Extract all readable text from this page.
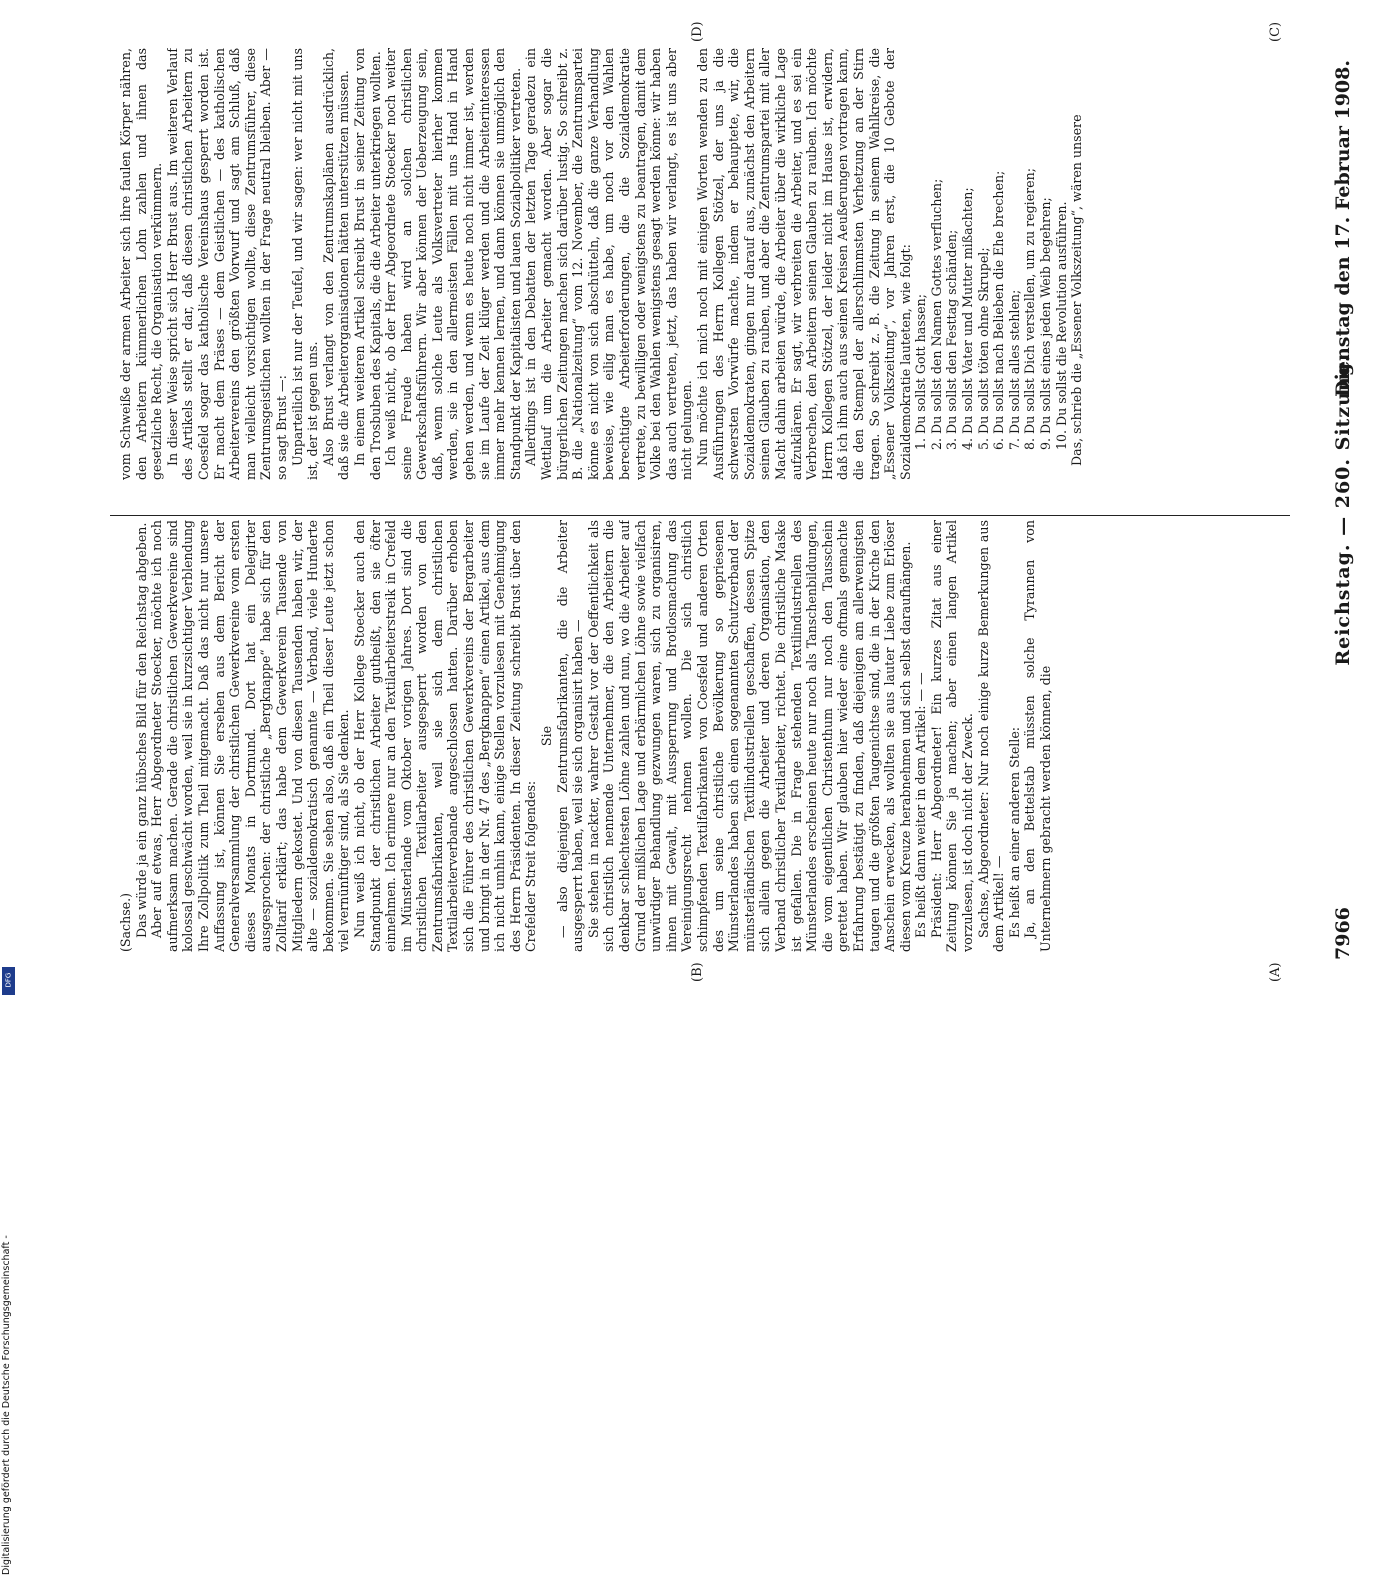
7966
Reichstag. — 260. Sitzung.
Dienstag den 17. Februar 1908.
(A)
(B)
(C)
(D)

(Sachse.) Das würde ja ein ganz hübsches Bild für den Reichstag abgeben. Aber auf etwas, Herr Abgeordneter Stoecker, möchte ich noch aufmerksam machen. Gerade die christlichen Gewerkvereine sind kolossal geschwächt worden, weil sie in kurzsichtiger Verblendung Ihre Zollpolitik zum Theil mitgemacht. Daß das nicht nur unsere Auffassung ist, können Sie ersehen aus dem Bericht der Generalversammlung der christlichen Gewerkvereine vom ersten dieses Monats in Dortmund. Dort hat ein Delegirter ausgesprochen: der christliche „Bergknappe“ habe sich für den Zolltarif erklärt; das habe dem Gewerkverein Tausende von Mitgliedern gekostet. Und von diesen Tausenden haben wir, der alte — sozialdemokratisch genannte — Verband, viele Hunderte bekommen. Sie sehen also, daß ein Theil dieser Leute jetzt schon viel vernünftiger sind, als Sie denken. Nun weiß ich nicht, ob der Herr Kollege Stoecker auch den Standpunkt der christlichen Arbeiter gutheißt, den sie öfter einnehmen. Ich erinnere nur an den Textilarbeiterstreik in Crefeld im Münsterlande vom Oktober vorigen Jahres. Dort sind die christlichen Textilarbeiter ausgesperrt worden von den Zentrumsfabrikanten, weil sie sich dem christlichen Textilarbeiterverbande angeschlossen hatten. Darüber erhoben sich die Führer des christlichen Gewerkvereins der Bergarbeiter und bringt in der Nr. 47 des „Bergknappen“ einen Artikel, aus dem ich nicht umhin kann, einige Stellen vorzulesen mit Genehmigung des Herrn Präsidenten. In dieser Zeitung schreibt Brust über den Crefelder Streit folgendes:

Sie — also diejenigen Zentrumsfabrikanten, die die Arbeiter ausgesperrt haben, weil sie sich organisirt haben — Sie stehen in nackter, wahrer Gestalt vor der Oeffentlichkeit als sich christlich nennende Unternehmer, die den Arbeitern die denkbar schlechtesten Löhne zahlen und nun, wo die Arbeiter auf Grund der mißlichen Lage und erbärmlichen Löhne sowie vielfach unwürdiger Behandlung gezwungen waren, sich zu organisiren, ihnen mit Gewalt, mit Aussperrung und Brotlosmachung das Vereinigungsrecht nehmen wollen. Die sich christlich schimpfenden Textilfabrikanten von Coesfeld und anderen Orten des um seine christliche Bevölkerung so gepriesenen Münsterlandes haben sich einen sogenannten Schutzverband der münsterländischen Textilindustriellen geschaffen, dessen Spitze sich allein gegen die Arbeiter und deren Organisation, den Verband christlicher Textilarbeiter, richtet. Die christliche Maske ist gefallen. Die in Frage stehenden Textilindustriellen des Münsterlandes erscheinen heute nur noch als Tanschenbildungen, die vom eigentlichen Christenthum nur noch den Tausschein gerettet haben. Wir glauben hier wieder eine oftmals gemachte Erfahrung bestätigt zu finden, daß diejenigen am allerwenigsten taugen und die größten Taugenichtse sind, die in der Kirche den Anschein erwecken, als wollten sie aus lauter Liebe zum Erlöser diesen vom Kreuze herabnehmen und sich selbst daraufhängen. Es heißt dann weiter in dem Artikel: — — Präsident: Herr Abgeordneter! Ein kurzes Zitat aus einer Zeitung können Sie ja machen; aber einen langen Artikel vorzulesen, ist doch nicht der Zweck. Sachse, Abgeordneter: Nur noch einige kurze Bemerkungen aus dem Artikel! — Es heißt an einer anderen Stelle: Ja, an den Bettelstab müssten solche Tyrannen von Unternehmern gebracht werden können, die

vom Schweiße der armen Arbeiter sich ihre faulen Körper nähren, den Arbeitern kümmerlichen Lohn zahlen und ihnen das gesetzliche Recht, die Organisation verkümmern. In dieser Weise spricht sich Herr Brust aus. Im weiteren Verlauf des Artikels stellt er dar, daß diesen christlichen Arbeitern zu Coesfeld sogar das katholische Vereinshaus gesperrt worden ist. Er macht dem Präses — dem Geistlichen — des katholischen Arbeitervereins den größten Vorwurf und sagt am Schluß, daß man vielleicht vorsichtigen wollte, diese Zentrumsführer, diese Zentrumsgeistlichen wollten in der Frage neutral bleiben. Aber — so sagt Brust —: Unparteilich ist nur der Teufel, und wir sagen: wer nicht mit uns ist, der ist gegen uns. Also Brust verlangt von den Zentrumskaplänen ausdrücklich, daß sie die Arbeiterorganisationen hätten unterstützen müssen. In einem weiteren Artikel schreibt Brust in seiner Zeitung von den Trosbuben des Kapitals, die die Arbeiter unterkriegen wollten. Ich weiß nicht, ob der Herr Abgeordnete Stoecker noch weiter seine Freude haben wird an solchen christlichen Gewerkschaftsführern. Wir aber können der Ueberzeugung sein, daß, wenn solche Leute als Volksvertreter hierher kommen werden, sie in den allermeisten Fällen mit uns Hand in Hand gehen werden, und wenn es heute noch nicht immer ist, werden sie im Laufe der Zeit klüger werden und die Arbeiterinteressen immer mehr kennen lernen, und dann können sie unmöglich den Standpunkt der Kapitalisten und lauen Sozialpolitiker vertreten. Allerdings ist in den Debatten der letzten Tage geradezu ein Wettlauf um die Arbeiter gemacht worden. Aber sogar die bürgerlichen Zeitungen machen sich darüber lustig. So schreibt z. B. die „Nationalzeitung“ vom 12. November, die Zentrumspartei könne es nicht von sich abschütteln, daß die ganze Verhandlung beweise, wie eilig man es habe, um noch vor den Wahlen berechtigte Arbeiterforderungen, die die Sozialdemokratie vertrete, zu bewilligen oder wenigstens zu beantragen, damit dem Volke bei den Wahlen wenigstens gesagt werden könne: wir haben das auch vertreten, jetzt, das haben wir verlangt, es ist uns aber nicht gelungen. Nun möchte ich mich noch mit einigen Worten wenden zu den Ausführungen des Herrn Kollegen Stötzel, der uns ja die schwersten Vorwürfe machte, indem er behauptete, wir, die Sozialdemokraten, gingen nur darauf aus, zunächst den Arbeitern seinen Glauben zu rauben, und aber die Zentrumspartei mit aller Macht dahin arbeiten würde, die Arbeiter über die wirkliche Lage aufzuklären. Er sagt, wir verbreiten die Arbeiter, und es sei ein Verbrechen, den Arbeitern seinen Glauben zu rauben. Ich möchte Herrn Kollegen Stötzel, der leider nicht im Hause ist, erwidern, daß ich ihm auch aus seinen Kreisen Aeußerungen vortragen kann, die den Stempel der allerschlimmsten Verhetzung an der Stirn tragen. So schreibt z. B. die Zeitung in seinem Wahlkreise, die „Essener Volkszeitung“, vor Jahren erst, die 10 Gebote der Sozialdemokratie lauteten, wie folgt: 1. Du sollst Gott hassen; 2. Du sollst den Namen Gottes verfluchen; 3. Du sollst den Festtag schänden; 4. Du sollst Vater und Mutter mißachten; 5. Du sollst töten ohne Skrupel; 6. Du sollst nach Belieben die Ehe brechen; 7. Du sollst alles stehlen; 8. Du sollst Dich verstellen, um zu regieren; 9. Du sollst eines jeden Weib begehren; 10. Du sollst die Revolution ausführen. Das, schrieb die „Essener Volkszeitung“, wären unsere

Digitalisierung gefördert durch die Deutsche Forschungsgemeinschaft -
DFG
